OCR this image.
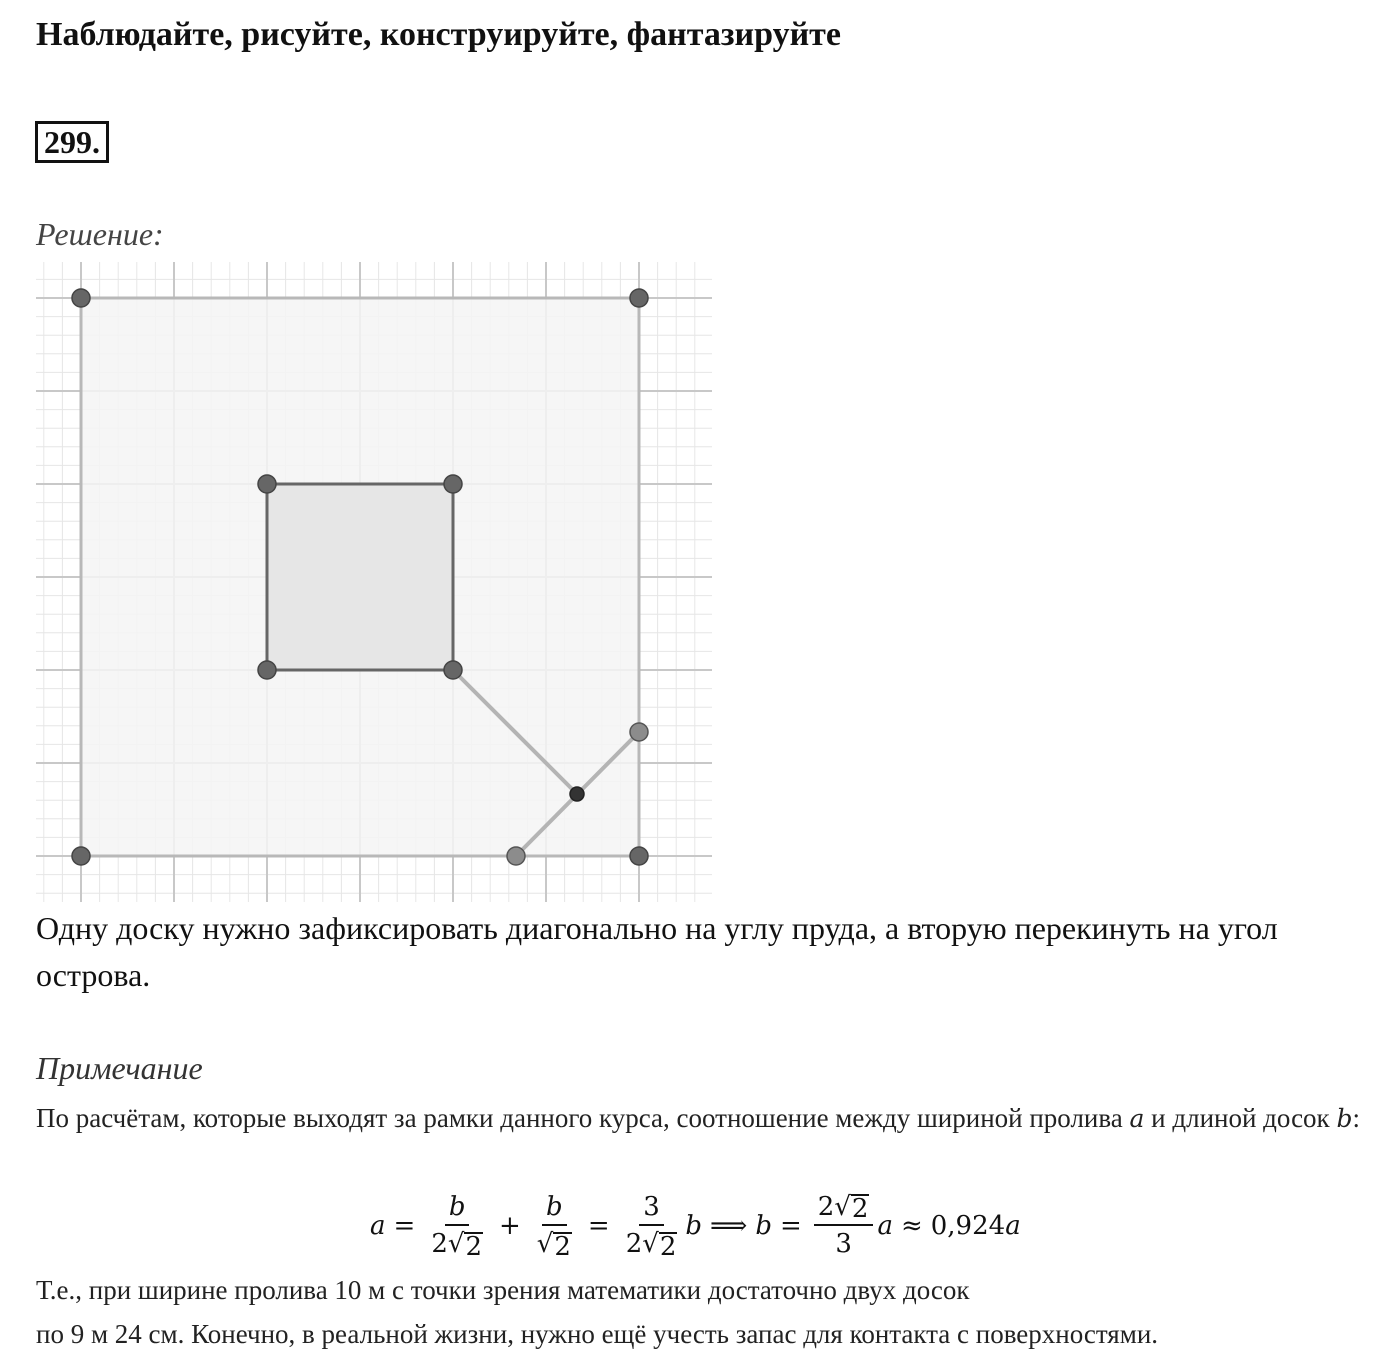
Наблюдайте, рисуйте, конструируйте, фантазируйте
299.
Решение:
Одну доску нужно зафиксировать диагонально на углу пруда, а вторую перекинуть на угол острова.
Примечание
По расчётам, которые выходят за рамки данного курса, соотношение между шириной пролива a и длиной досок b:
$a = \frac{b}{2 √ 2} + \frac{b}{√ 2} = \frac{3}{2 √ 2}$ b ⟹ $b = \frac{2 √ 2}{3}$ a ≈ 0,924 a
Т.е., при ширине пролива 10 м с точки зрения математики достаточно двух досок
по 9 м 24 см. Конечно, в реальной жизни, нужно ещё учесть запас для контакта с поверхностями.
